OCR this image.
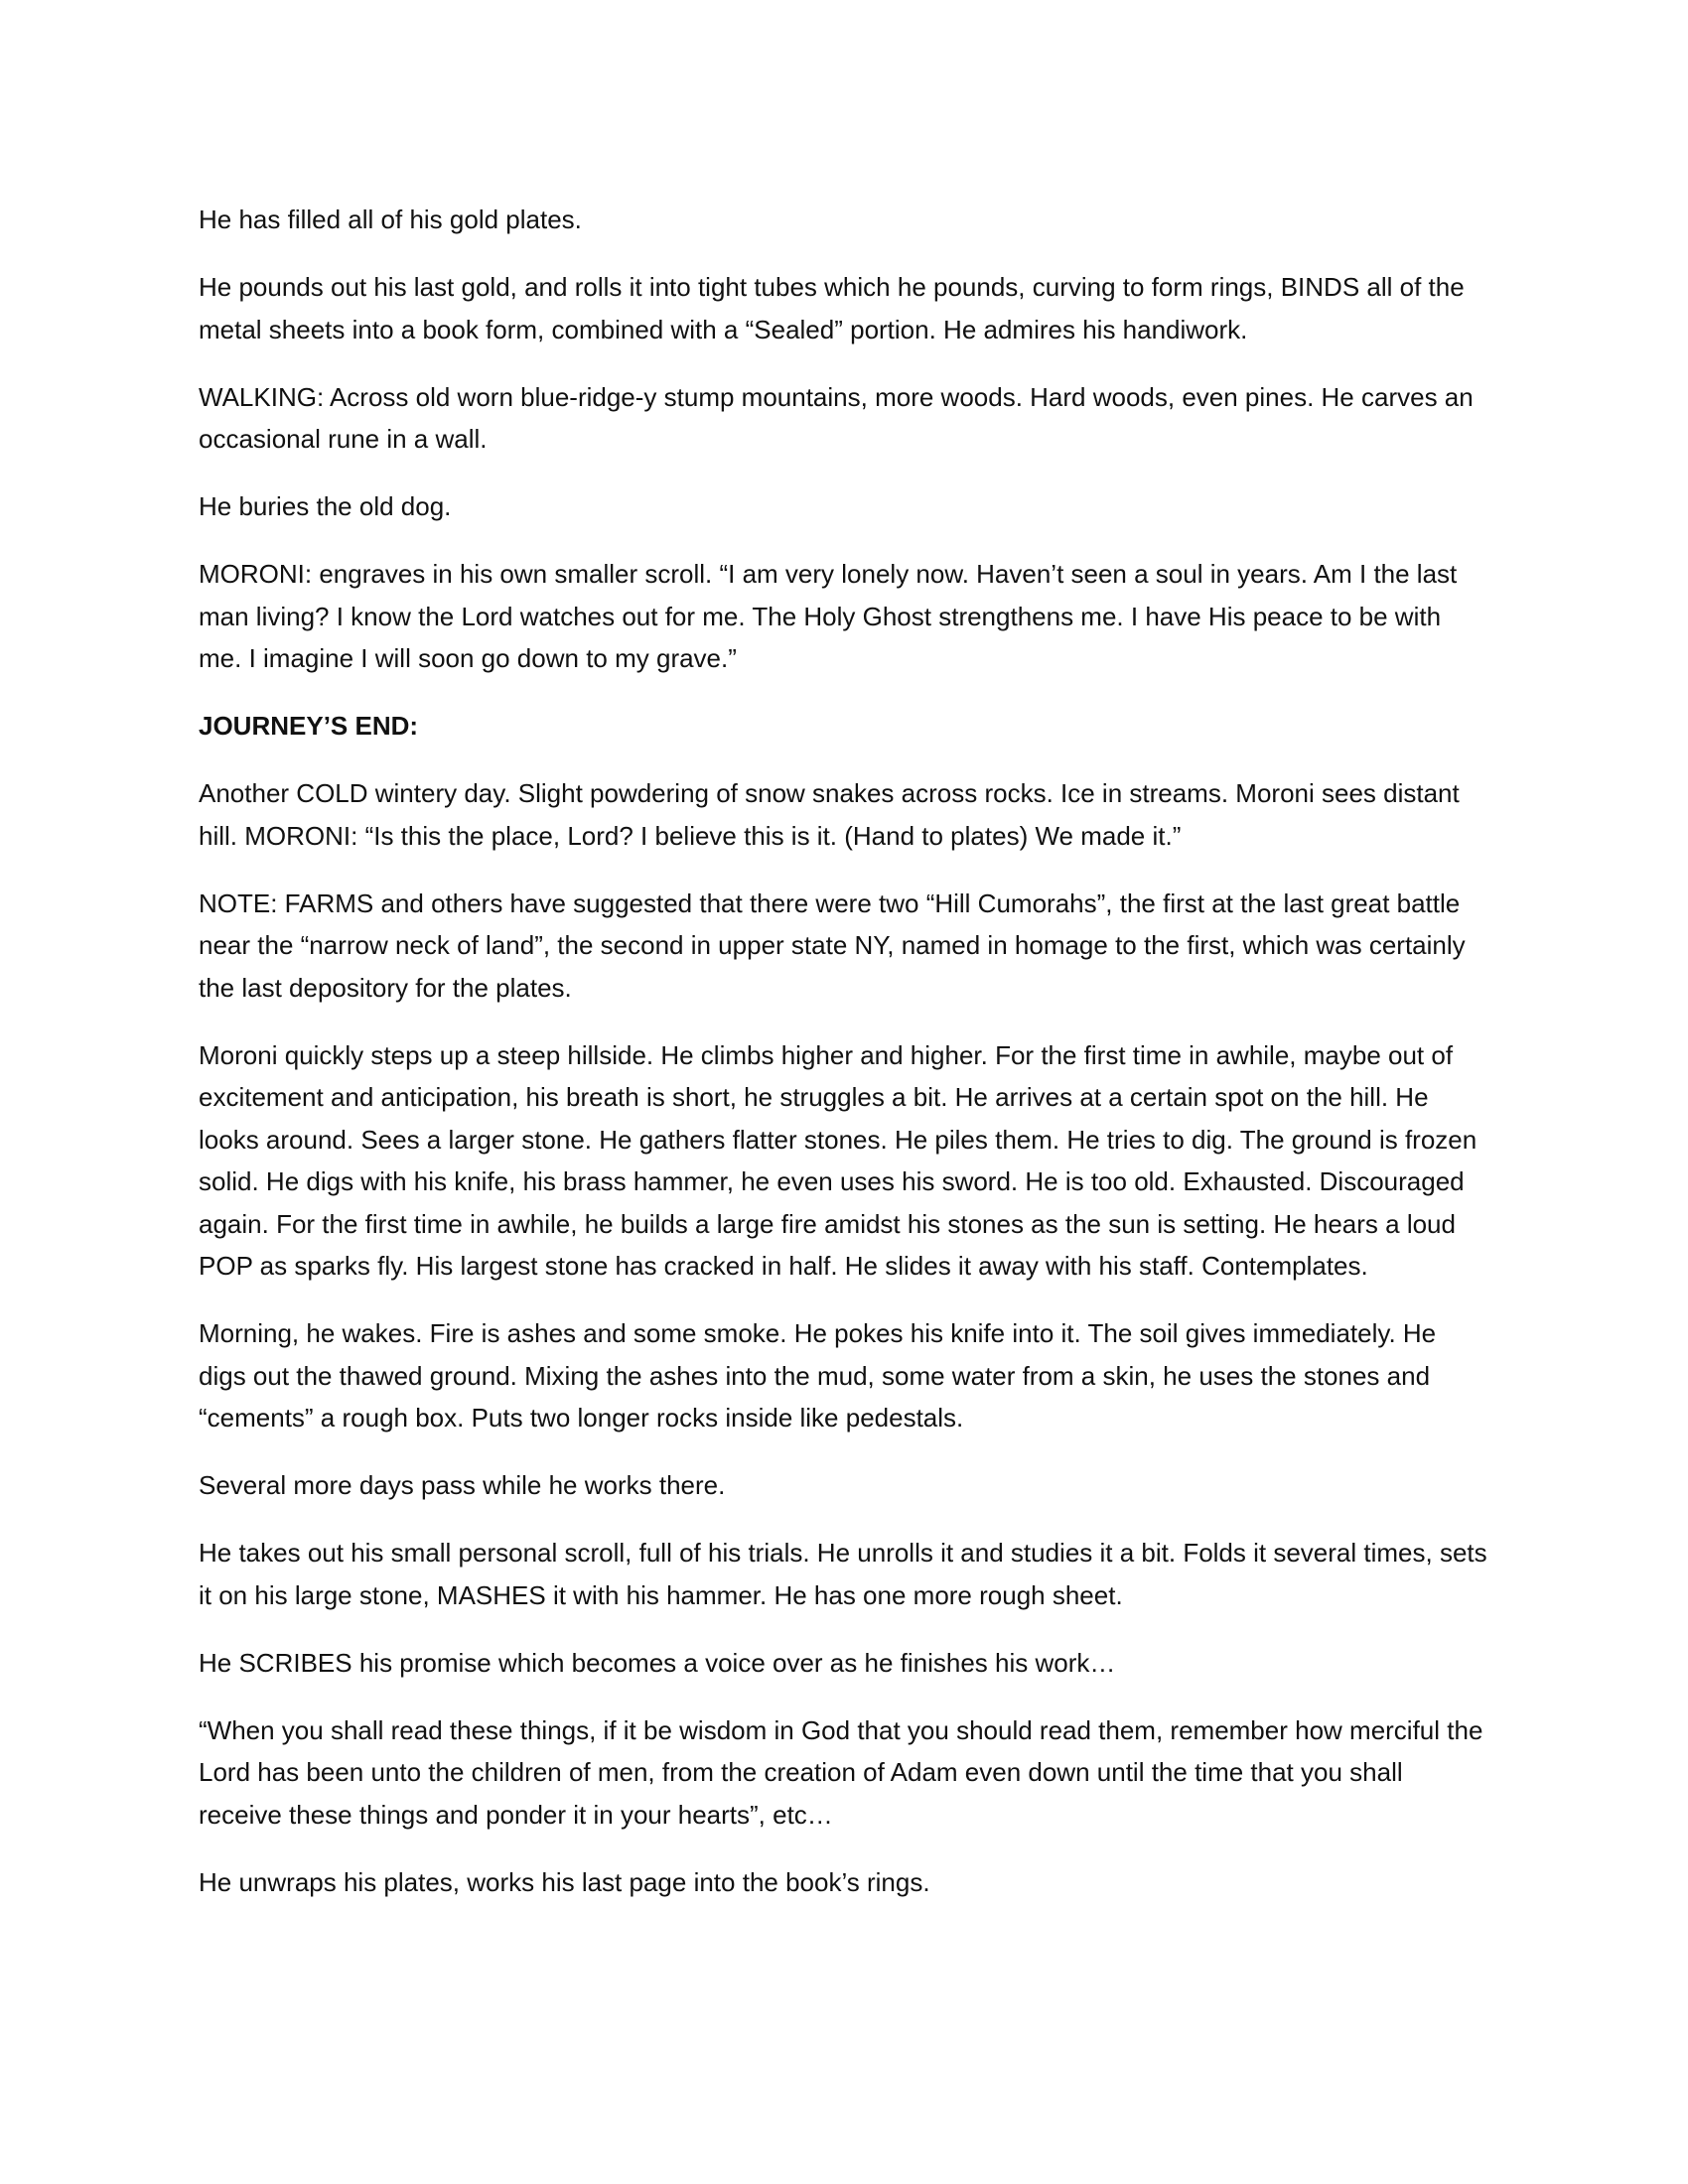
He has filled all of his gold plates.

He pounds out his last gold, and rolls it into tight tubes which he pounds, curving to form rings, BINDS all of the metal sheets into a book form, combined with a “Sealed” portion. He admires his handiwork.

WALKING: Across old worn blue-ridge-y stump mountains, more woods. Hard woods, even pines. He carves an occasional rune in a wall.

He buries the old dog.

MORONI: engraves in his own smaller scroll. “I am very lonely now. Haven’t seen a soul in years. Am I the last man living? I know the Lord watches out for me. The Holy Ghost strengthens me. I have His peace to be with me. I imagine I will soon go down to my grave.”

JOURNEY’S END:

Another COLD wintery day. Slight powdering of snow snakes across rocks. Ice in streams. Moroni sees distant hill. MORONI: “Is this the place, Lord? I believe this is it. (Hand to plates) We made it.”

NOTE: FARMS and others have suggested that there were two “Hill Cumorahs”, the first at the last great battle near the “narrow neck of land”, the second in upper state NY, named in homage to the first, which was certainly the last depository for the plates.

Moroni quickly steps up a steep hillside. He climbs higher and higher. For the first time in awhile, maybe out of excitement and anticipation, his breath is short, he struggles a bit. He arrives at a certain spot on the hill. He looks around. Sees a larger stone. He gathers flatter stones. He piles them. He tries to dig. The ground is frozen solid. He digs with his knife, his brass hammer, he even uses his sword. He is too old. Exhausted. Discouraged again. For the first time in awhile, he builds a large fire amidst his stones as the sun is setting. He hears a loud POP as sparks fly. His largest stone has cracked in half. He slides it away with his staff. Contemplates.

Morning, he wakes. Fire is ashes and some smoke. He pokes his knife into it. The soil gives immediately. He digs out the thawed ground. Mixing the ashes into the mud, some water from a skin, he uses the stones and “cements” a rough box. Puts two longer rocks inside like pedestals.

Several more days pass while he works there.

He takes out his small personal scroll, full of his trials. He unrolls it and studies it a bit. Folds it several times, sets it on his large stone, MASHES it with his hammer. He has one more rough sheet.

He SCRIBES his promise which becomes a voice over as he finishes his work…

“When you shall read these things, if it be wisdom in God that you should read them, remember how merciful the Lord has been unto the children of men, from the creation of Adam even down until the time that you shall receive these things and ponder it in your hearts”, etc…

He unwraps his plates, works his last page into the book’s rings.
